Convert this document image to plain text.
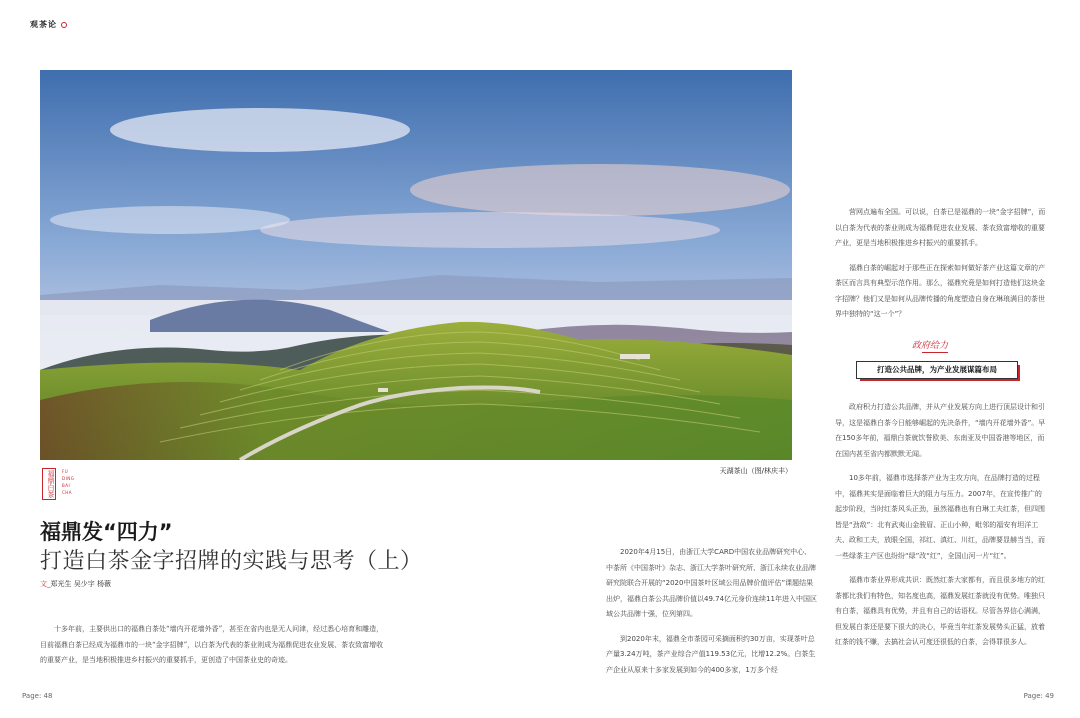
观茶论
天湖茶山（图/林庆丰）
福鼎白茶 FU
DING
BAI
CHA
福鼎发“四力”
打造白茶金字招牌的实践与思考（上）
文_郑光生 吴少宇 杨薇
十多年前，主要供出口的福鼎白茶处“墙内开花墙外香”，甚至在省内也是无人问津，经过悉心培育和雕造，目前福鼎白茶已经成为福鼎市的一块“金字招牌”，以白茶为代表的茶业则成为福鼎促进农业发展、茶农致富增收的重要产业，是当地积极推进乡村振兴的重要抓手，更创造了中国茶业史的奇迹。

2020年4月15日，由浙江大学CARD中国农业品牌研究中心、中茶所《中国茶叶》杂志、浙江大学茶叶研究所、浙江永续农业品牌研究院联合开展的“2020中国茶叶区域公用品牌价值评估”课题结果出炉，福鼎白茶公共品牌价值以49.74亿元身价连续11年进入中国区域公共品牌十强，位列第四。

到2020年末，福鼎全市茶园可采摘面积约30万亩，实现茶叶总产量3.24万吨，茶产业综合产值119.53亿元，比增12.2%。白茶生产企业从原来十多家发展到如今的400多家，1万多个经

营网点遍布全国。可以说，白茶已是福鼎的一块“金字招牌”，而以白茶为代表的茶业则成为福鼎促进农业发展、茶农致富增收的重要产业，更是当地积极推进乡村振兴的重要抓手。

福鼎白茶的崛起对于那些正在探索如何做好茶产业这篇文章的产茶区而言具有典型示范作用。那么，福鼎究竟是如何打造他们这块金字招牌？他们又是如何从品牌传播的角度塑造自身在琳琅满目的茶世界中独特的“这一个”？

政府给力
打造公共品牌，为产业发展谋篇布局

政府积力打造公共品牌，并从产业发展方向上进行顶层设计和引导，这是福鼎白茶今日能够崛起的先决条件，“墙内开花墙外香”。早在150多年前，福鼎白茶就饮誉欧美、东南亚及中国香港等地区，而在国内甚至省内都默默无闻。

10多年前，福鼎市选择茶产业为主攻方向，在品牌打造的过程中，福鼎其实是面临着巨大的阻力与压力。2007年，在宣传推广的起步阶段，当时红茶风头正劲，虽然福鼎也有白琳工夫红茶，但四围皆是“劲敌”：北有武夷山金骏眉、正山小种，毗邻的福安有坦洋工夫、政和工夫，放眼全国，祁红、滇红、川红，品牌要显赫当当，而一些绿茶主产区也纷纷“绿”改“红”，全国山河一片“红”。

福鼎市茶业界形成共识：既然红茶大家都有，而且很多地方的红茶都比我们有特色，知名度也高，福鼎发展红茶就没有优势。唯独只有白茶，福鼎具有优势，并且有自己的话语权。尽管各界信心满满，但发展白茶还是要下很大的决心，毕竟当年红茶发展势头正猛，放着红茶的钱不赚，去搞社会认可度还很低的白茶，会得罪很多人。

Page: 48	Page: 49
